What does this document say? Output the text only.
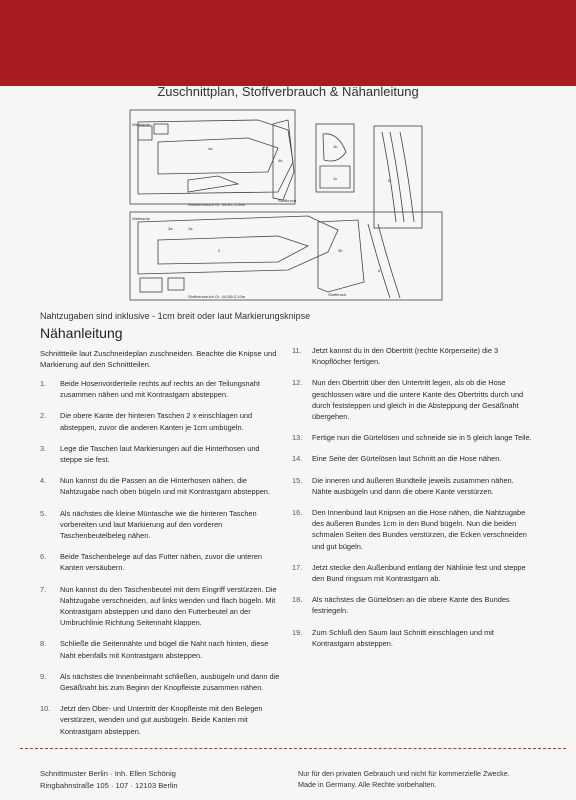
Zuschnittplan, Stoffverbrauch & Nähanleitung
Stoffverbrauch Gr. 34-40=1,50m
Stoffverbrauch Gr. 44-58=2,10m
4a
4b
1b
1c
2
3a
3b
1a
5
6
Stoffbruch
Stoffbruch
Webkante
Webkante
Nahtzugaben sind inklusive - 1cm breit oder laut Markierungsknipse
Nähanleitung
Schnittteile laut Zuschneideplan zuschneiden. Beachte die Knipse und Markierung auf den Schnittteilen.
1. Beide Hosenvorderteile rechts auf rechts an der Teilungsnaht zusammen nähen und mit Kontrastgarn absteppen.
2. Die obere Kante der hinteren Taschen 2 x einschlagen und absteppen, zuvor die anderen Kanten je 1cm umbügeln.
3. Lege die Taschen laut Markierungen auf die Hinterhosen und steppe sie fest.
4. Nun kannst du die Passen an die Hinterhosen nähen, die Nahtzugabe nach oben bügeln und mit Kontrastgarn absteppen.
5. Als nächstes die kleine Müntasche wie die hinteren Taschen vorbereiten und laut Markierung auf den vorderen Taschenbeutelbeleg nähen.
6. Beide Taschenbelege auf das Futter nähen, zuvor die unteren Kanten versäubern.
7. Nun kannst du den Taschenbeutel mit dem Eingriff verstürzen. Die Nahtzugabe verschneiden, auf links wenden und flach bügeln. Mit Kontrastgarn absteppen und dann den Futterbeutel an der Umbruchlinie Richtung Seitennaht klappen.
8. Schließe die Seitennähte und bügel die Naht nach hinten, diese Naht ebenfalls mit Kontrastgarn absteppen.
9. Als nächstes die Innenbeinnaht schließen, ausbügeln und dann die Gesäßnaht bis zum Beginn der Knopfleiste zusammen nähen.
10. Jetzt den Ober- und Untertritt der Knopfleiste mit den Belegen verstürzen, wenden und gut ausbügeln. Beide Kanten mit Kontrastgarn absteppen.
11. Jetzt kannst du in den Obertritt (rechte Körperseite) die 3 Knopflöcher fertigen.
12. Nun den Obertritt über den Untertritt legen, als ob die Hose geschlossen wäre und die untere Kante des Obertritts durch und durch feststeppen und gleich in die Absteppung der Gesäßnaht übergehen.
13. Fertige nun die Gürtelösen und schneide sie in 5 gleich lange Teile.
14. Eine Seite der Gürtelösen laut Schnitt an die Hose nähen.
15. Die inneren und äußeren Bundteile jeweils zusammen nähen. Nähte ausbügeln und dann die obere Kante verstürzen.
16. Den Innenbund laut Knipsen an die Hose nähen, die Nahtzugabe des äußeren Bundes 1cm in den Bund bügeln. Nun die beiden schmalen Seiten des Bundes verstürzen, die Ecken verschneiden und gut bügeln.
17. Jetzt stecke den Außenbund entlang der Nählinie fest und steppe den Bund ringsum mit Kontrastgarn ab.
18. Als nächstes die Gürtelösen an die obere Kante des Bundes festriegeln.
19. Zum Schluß den Saum laut Schnitt einschlagen und mit Kontrastgarn absteppen.
Schnittmuster Berlin · Inh. Ellen Schönig
Ringbahnstraße 105 · 107 · 12103 Berlin
Nur für den privaten Gebrauch und nicht für kommerzielle Zwecke.
Made in Germany. Alle Rechte vorbehalten.
